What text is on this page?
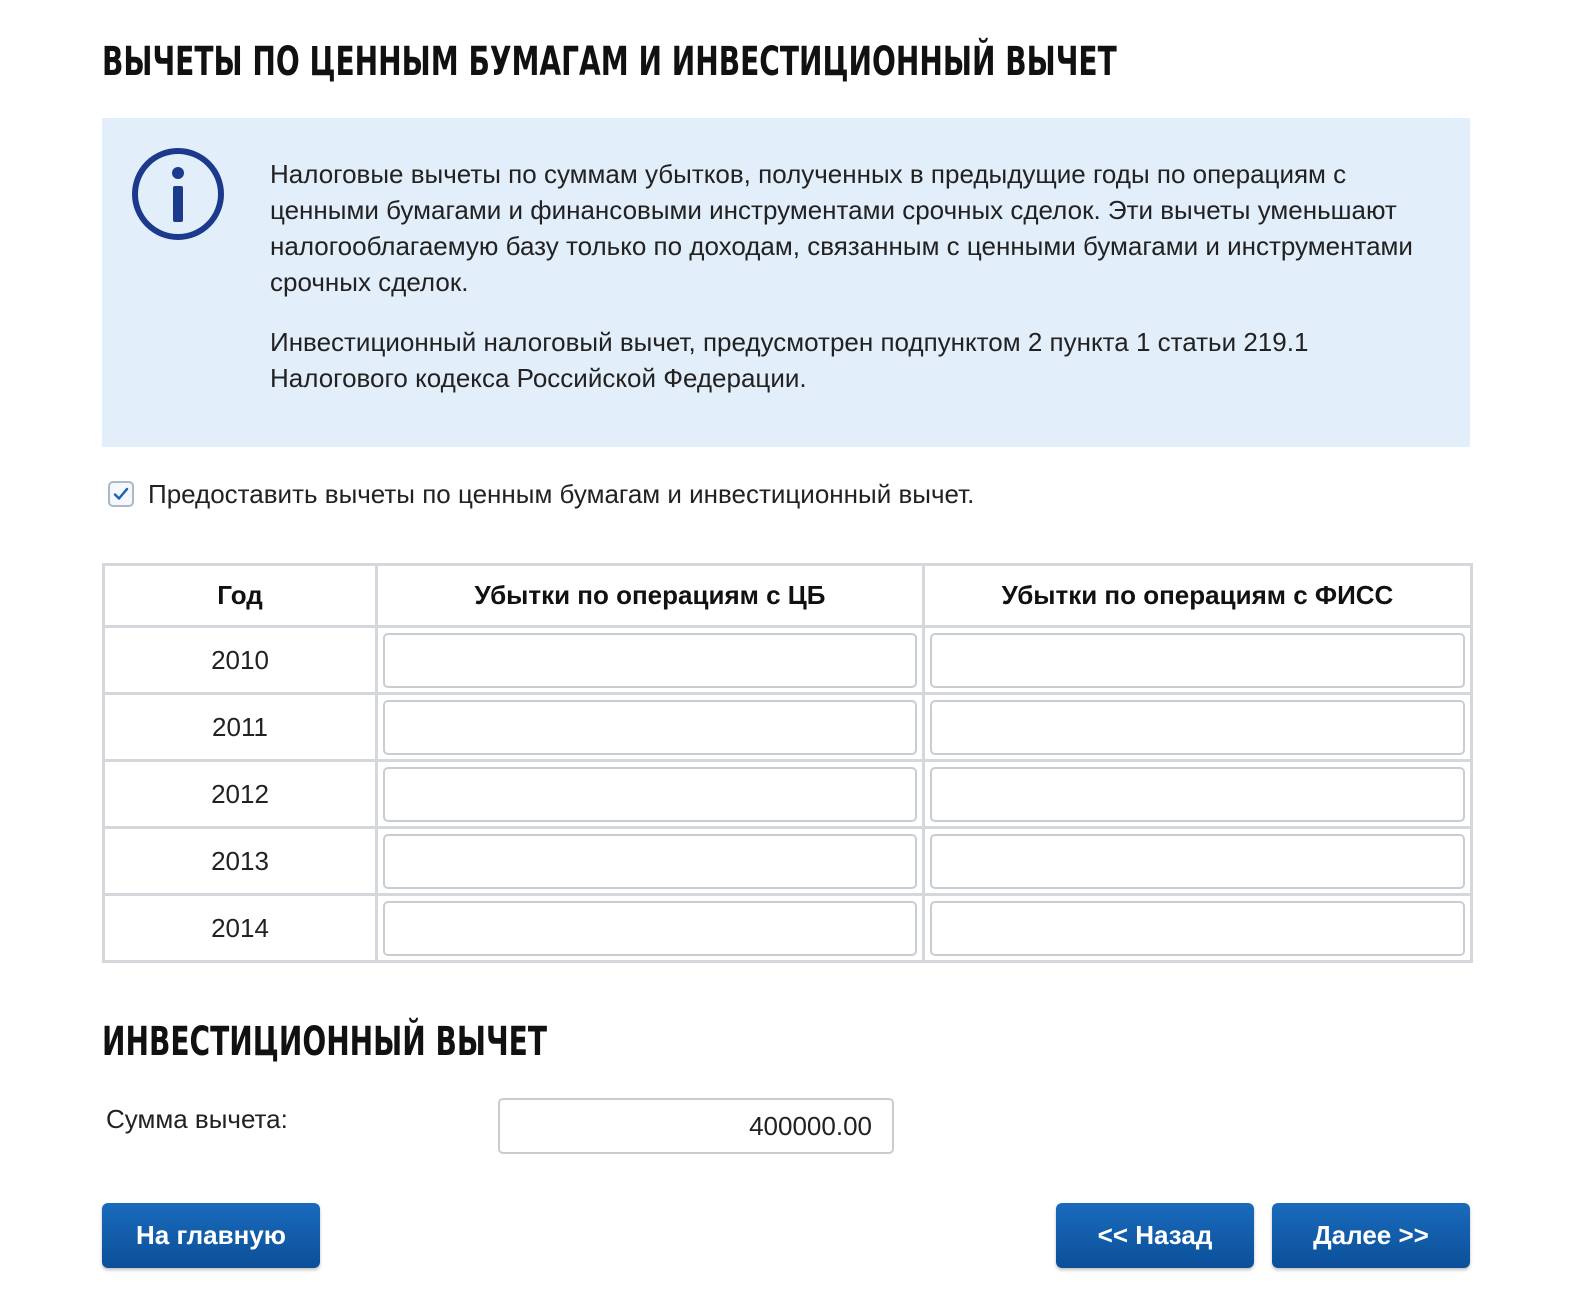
ВЫЧЕТЫ ПО ЦЕННЫМ БУМАГАМ И ИНВЕСТИЦИОННЫЙ ВЫЧЕТ

Налоговые вычеты по суммам убытков, полученных в предыдущие годы по операциям с ценными бумагами и финансовыми инструментами срочных сделок. Эти вычеты уменьшают налогооблагаемую базу только по доходам, связанным с ценными бумагами и инструментами срочных сделок.

Инвестиционный налоговый вычет, предусмотрен подпунктом 2 пункта 1 статьи 219.1 Налогового кодекса Российской Федерации.

Предоставить вычеты по ценным бумагам и инвестиционный вычет.
Год	Убытки по операциям с ЦБ	Убытки по операциям с ФИСС
2010	

2011	

2012	

2013	

2014	

ИНВЕСТИЦИОННЫЙ ВЫЧЕТ
Сумма вычета:
400000.00
На главную	<< Назад	Далее >>
